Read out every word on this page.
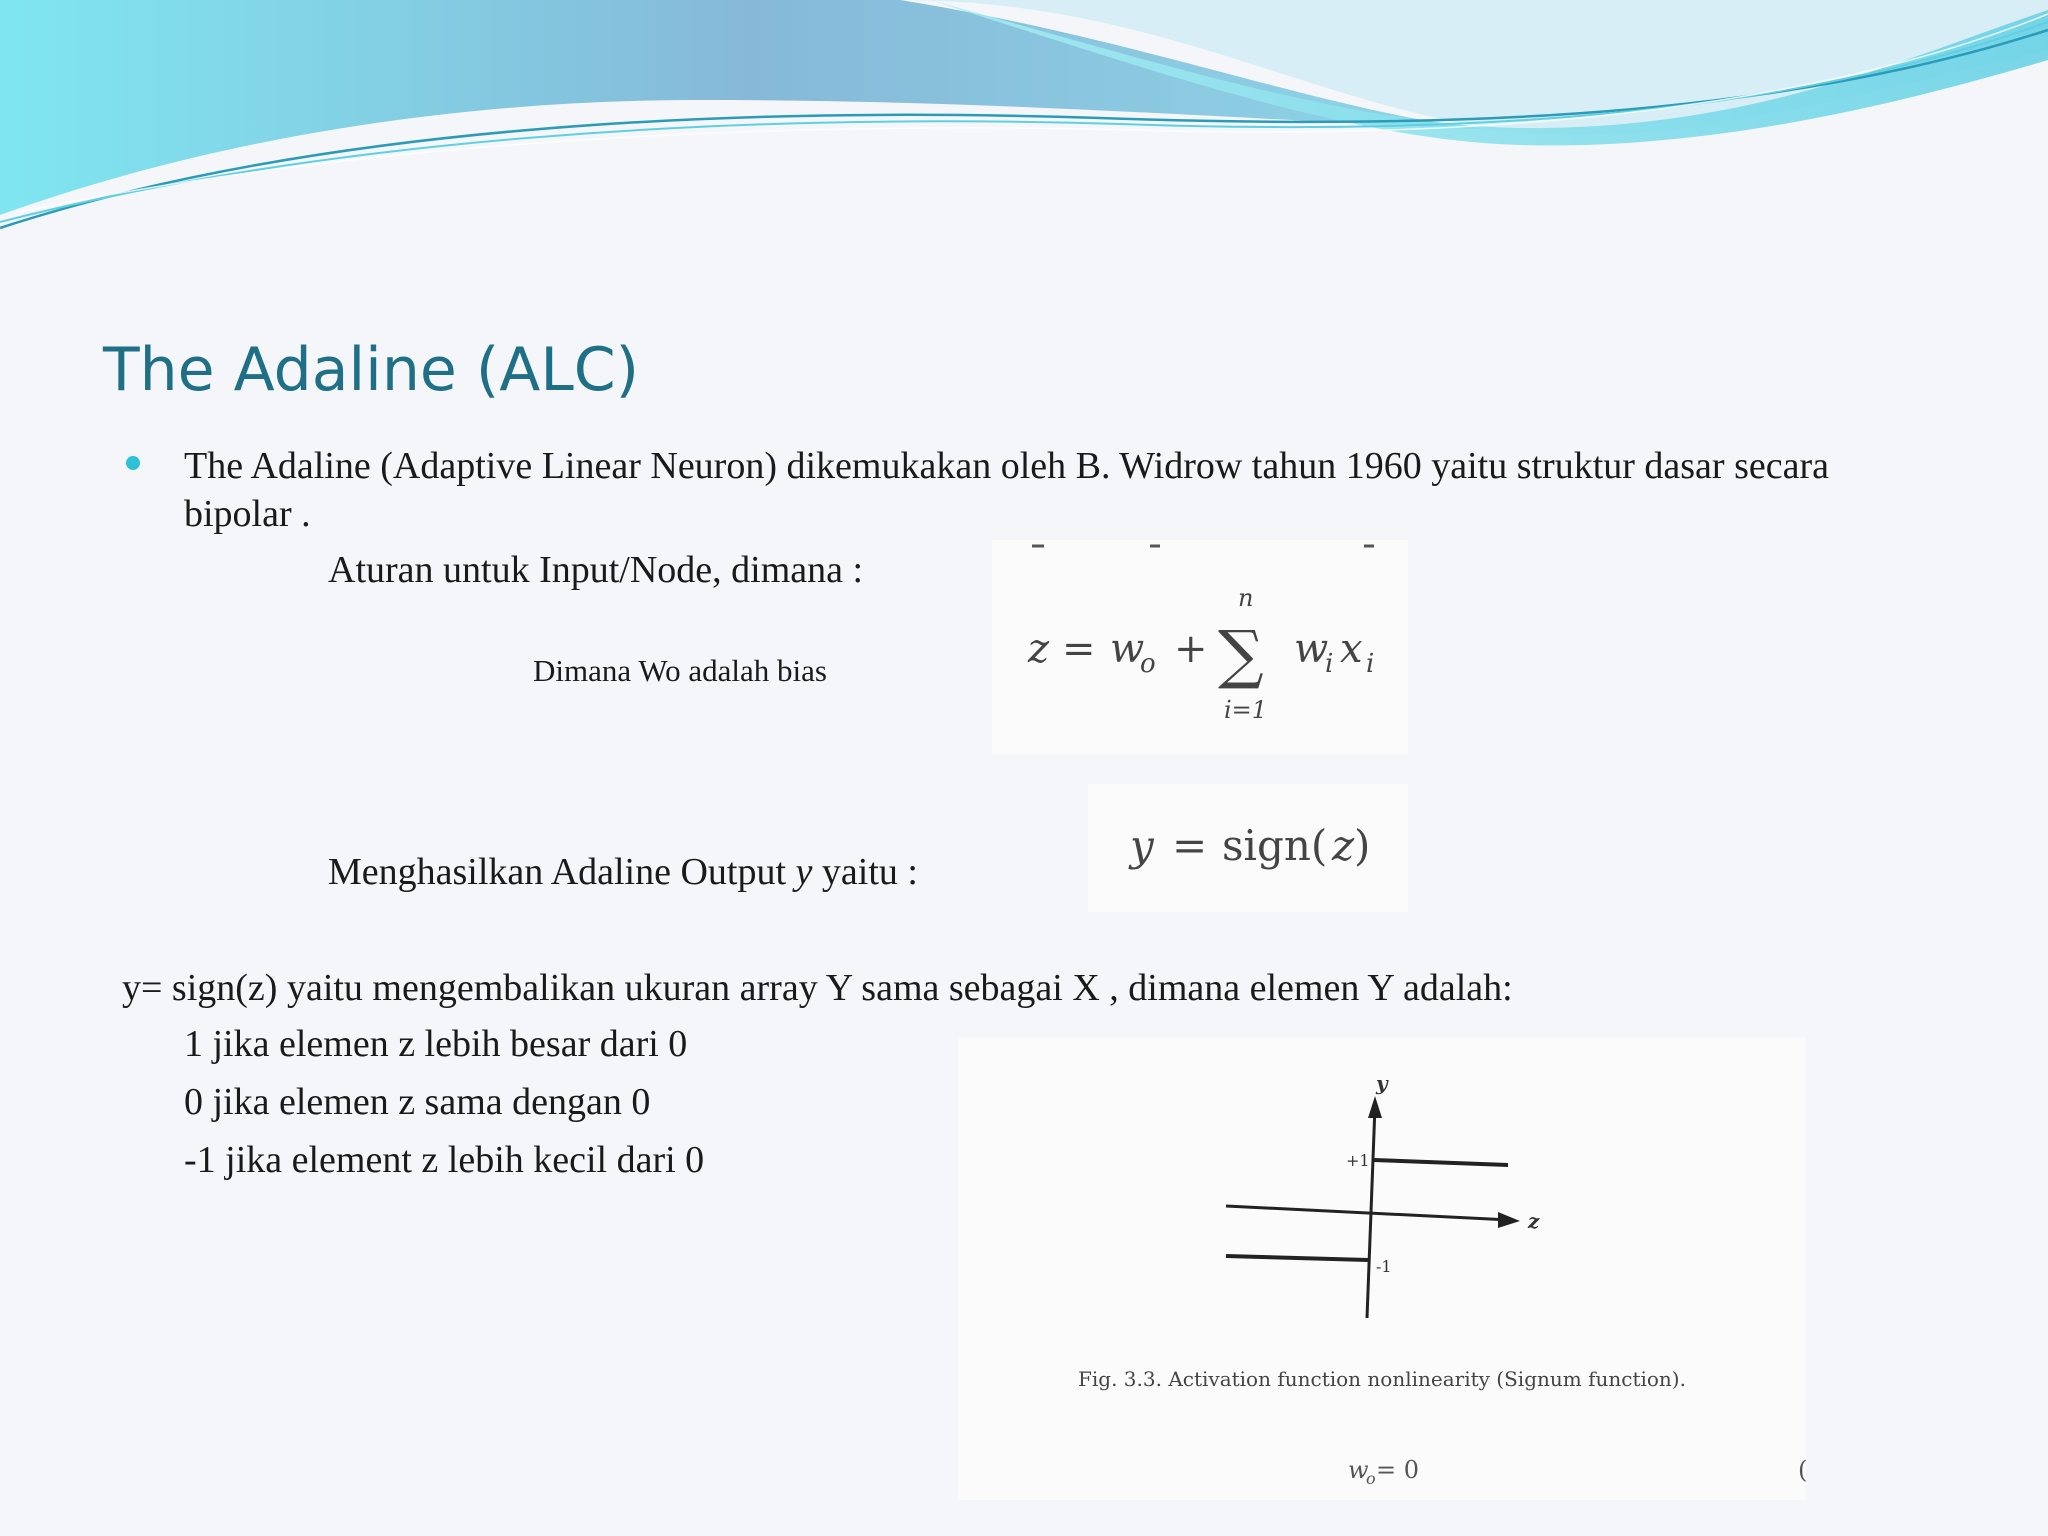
The Adaline (ALC)
The Adaline (Adaptive Linear Neuron) dikemukakan oleh B. Widrow tahun 1960 yaitu struktur dasar secara bipolar .
Aturan untuk Input/Node, dimana :
Dimana Wo adalah bias
Menghasilkan Adaline Output y yaitu :
y= sign(z) yaitu mengembalikan ukuran array Y sama sebagai X , dimana elemen Y adalah:
1 jika elemen z lebih besar dari 0
0 jika elemen z sama dengan 0
-1 jika element z lebih kecil dari 0
z = w
o + ∑
n
i=1
w
i x i
y = sign( z )
y
z
+1
-1
Fig. 3.3. Activation function nonlinearity (Signum function).
w
o = 0	(
